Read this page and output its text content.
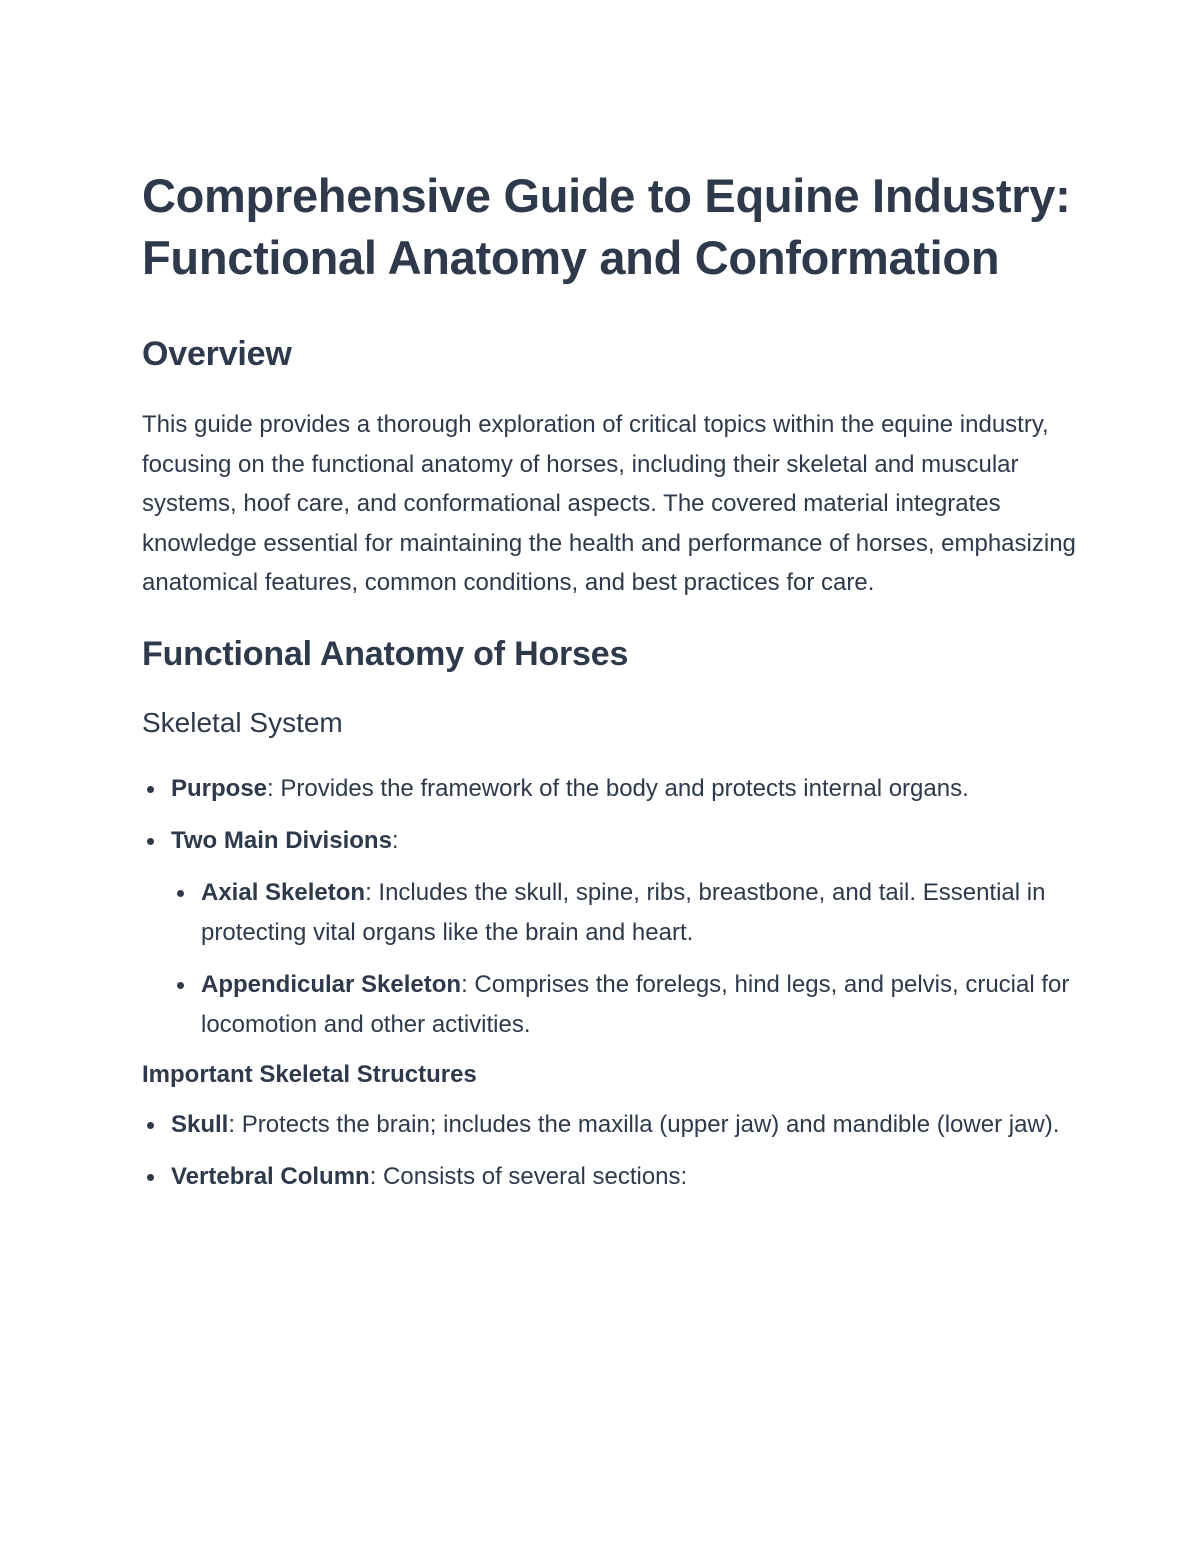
Comprehensive Guide to Equine Industry: Functional Anatomy and Conformation
Overview

This guide provides a thorough exploration of critical topics within the equine industry, focusing on the functional anatomy of horses, including their skeletal and muscular systems, hoof care, and conformational aspects. The covered material integrates knowledge essential for maintaining the health and performance of horses, emphasizing anatomical features, common conditions, and best practices for care.

Functional Anatomy of Horses
Skeletal System
Purpose: Provides the framework of the body and protects internal organs.
Two Main Divisions:
Axial Skeleton: Includes the skull, spine, ribs, breastbone, and tail. Essential in protecting vital organs like the brain and heart.
Appendicular Skeleton: Comprises the forelegs, hind legs, and pelvis, crucial for locomotion and other activities.
Important Skeletal Structures
Skull: Protects the brain; includes the maxilla (upper jaw) and mandible (lower jaw).
Vertebral Column: Consists of several sections:
